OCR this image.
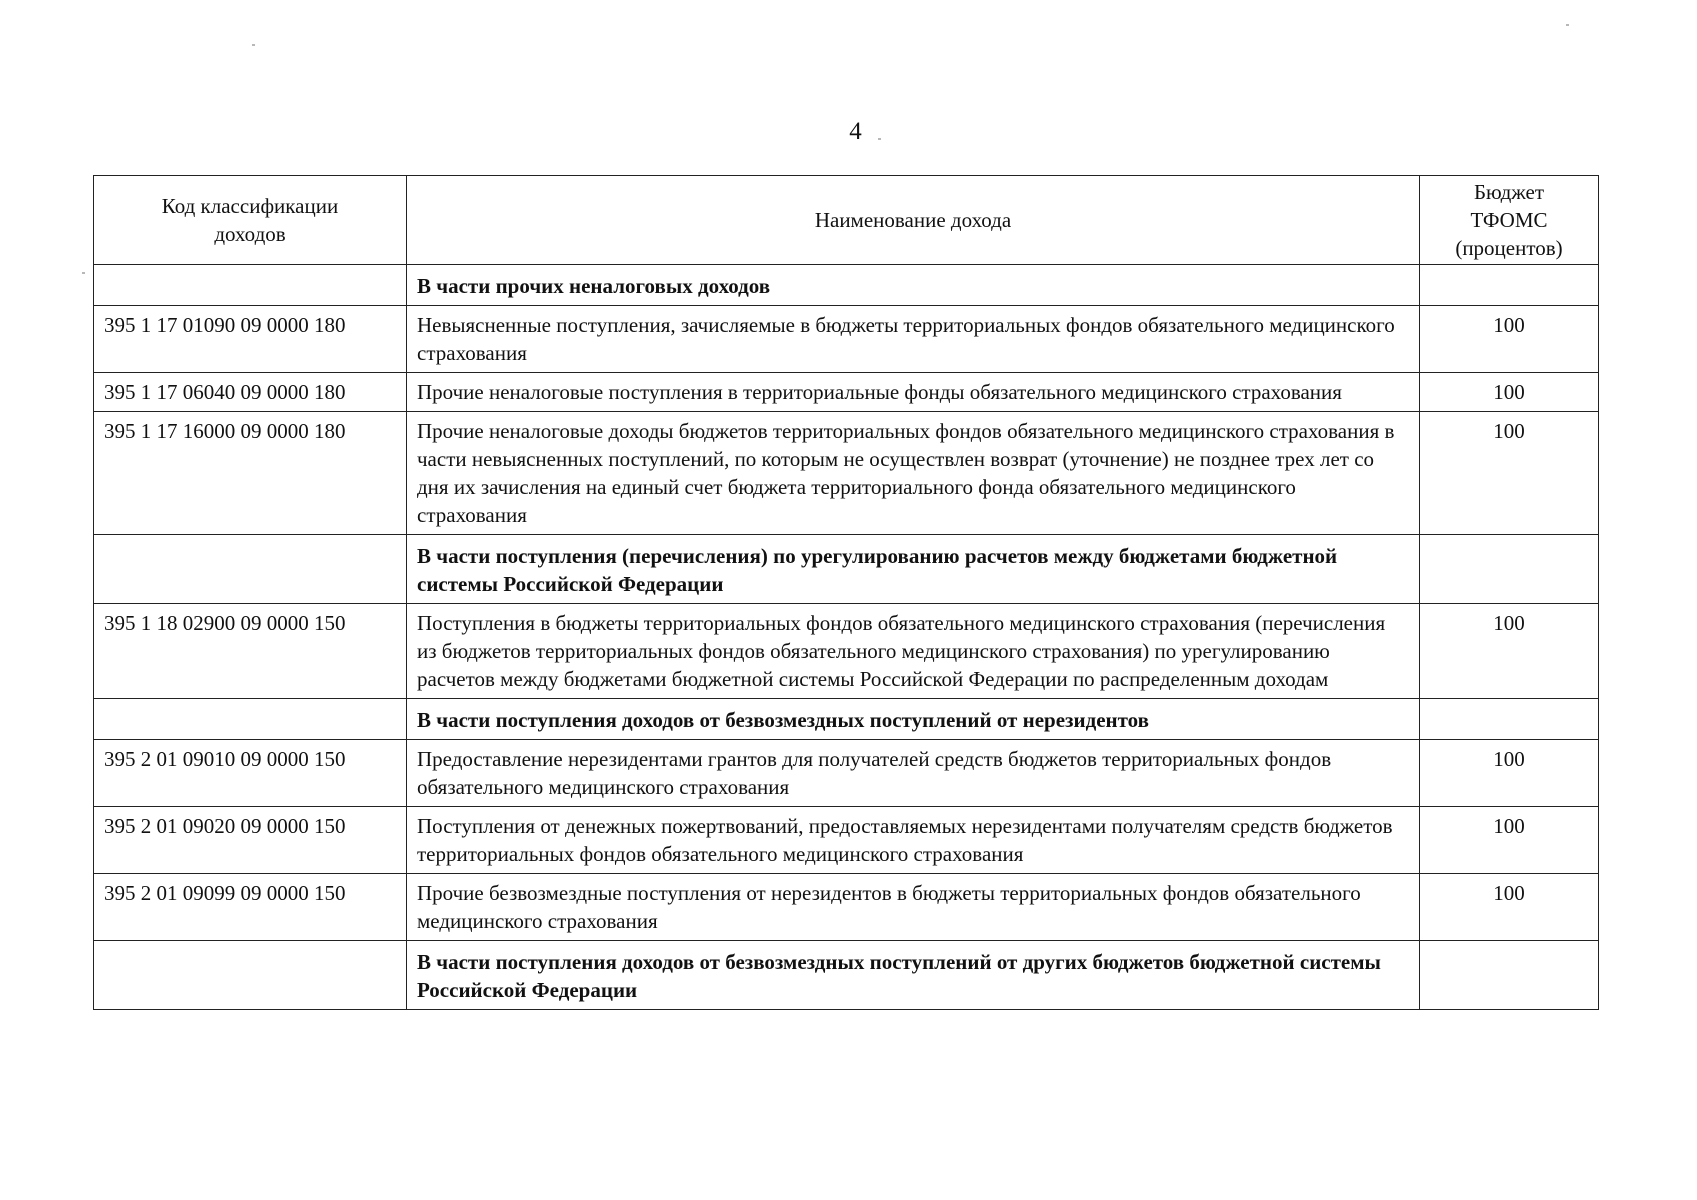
4
Код классификации доходов	Наименование дохода	Бюджет ТФОМС (процентов)
	В части прочих неналоговых доходов	
395 1 17 01090 09 0000 180	Невыясненные поступления, зачисляемые в бюджеты территориальных фондов обязательного медицинского страхования	100
395 1 17 06040 09 0000 180	Прочие неналоговые поступления в территориальные фонды обязательного медицинского страхования	100
395 1 17 16000 09 0000 180	Прочие неналоговые доходы бюджетов территориальных фондов обязательного медицинского страхования в части невыясненных поступлений, по которым не осуществлен возврат (уточнение) не позднее трех лет со дня их зачисления на единый счет бюджета территориального фонда обязательного медицинского страхования	100
	В части поступления (перечисления) по урегулированию расчетов между бюджетами бюджетной системы Российской Федерации	
395 1 18 02900 09 0000 150	Поступления в бюджеты территориальных фондов обязательного медицинского страхования (перечисления из бюджетов территориальных фондов обязательного медицинского страхования) по урегулированию расчетов между бюджетами бюджетной системы Российской Федерации по распределенным доходам	100
	В части поступления доходов от безвозмездных поступлений от нерезидентов	
395 2 01 09010 09 0000 150	Предоставление нерезидентами грантов для получателей средств бюджетов территориальных фондов обязательного медицинского страхования	100
395 2 01 09020 09 0000 150	Поступления от денежных пожертвований, предоставляемых нерезидентами получателям средств бюджетов территориальных фондов обязательного медицинского страхования	100
395 2 01 09099 09 0000 150	Прочие безвозмездные поступления от нерезидентов в бюджеты территориальных фондов обязательного медицинского страхования	100
	В части поступления доходов от безвозмездных поступлений от других бюджетов бюджетной системы Российской Федерации	
